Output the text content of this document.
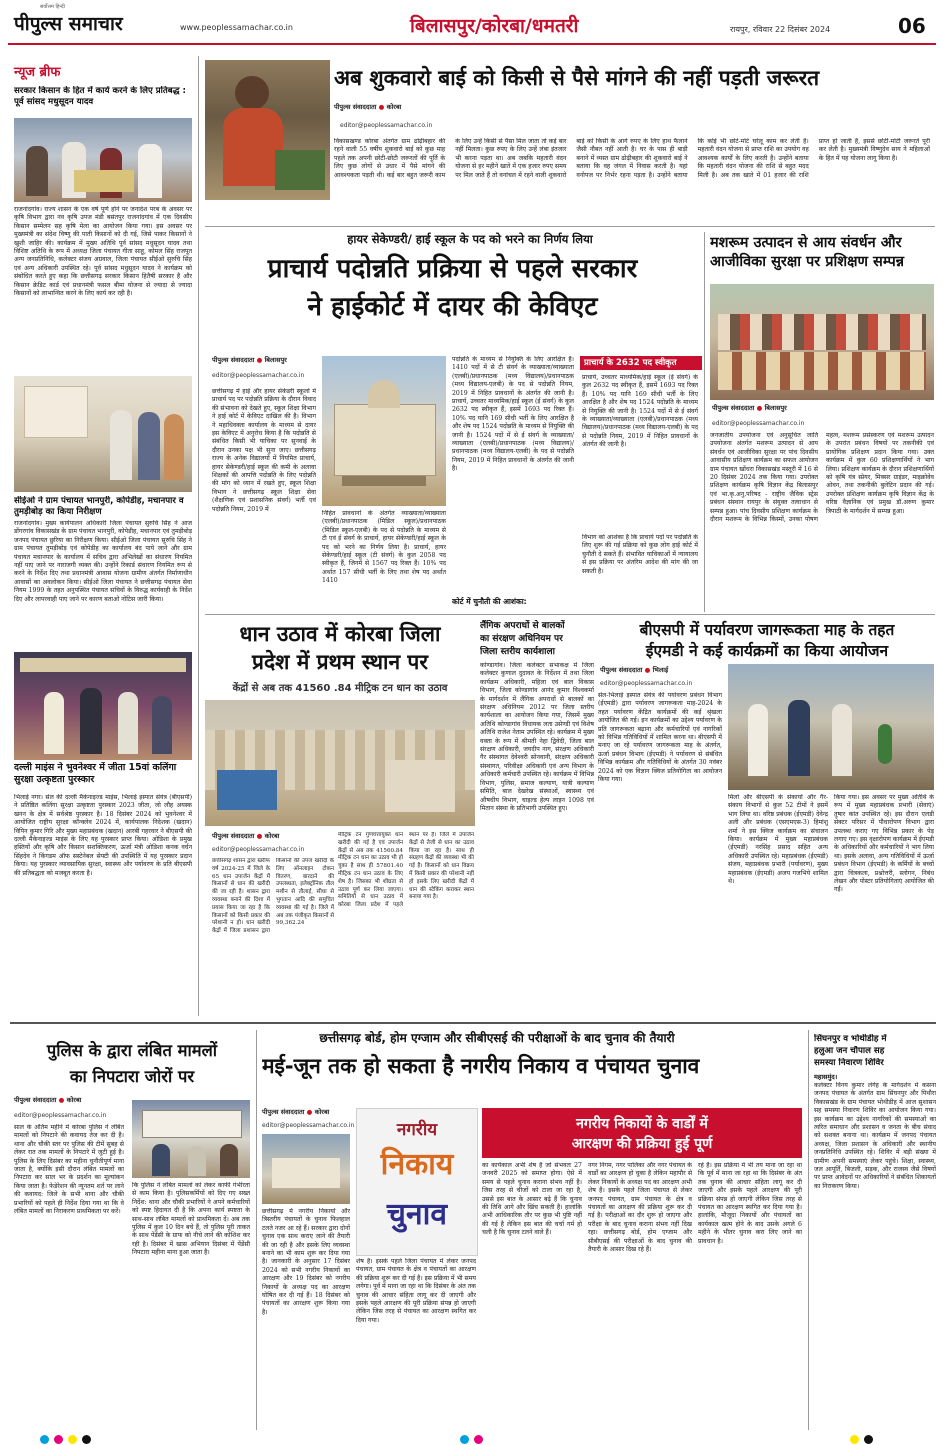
सर्वोत्तम हिन्दी
पीपुल्स समाचार	www.peoplessamachar.co.in	बिलासपुर/कोरबा/धमतरी	रायपुर, रविवार 22 दिसंबर 2024	06
न्यूज ब्रीफ
सरकार किसान के हित में कार्य करने के लिए प्रतिबद्ध : पूर्व सांसद मधुसूदन यादव
राजनांदगांव। राज्य शासन के एक वर्ष पूर्ण होने पर जनादेश परब के अवसर पर कृषि विभाग द्वारा नव कृषि उपज मंडी बसंतपुर राजनांदगांव में एक दिवसीय किसान सम्मेलन सह कृषि मेला का आयोजन किया गया। इस अवसर पर मुख्यमंत्री का संदेश विष्णु की पाती किसानों को दी गई, जिसे पाकर किसानों ने खुशी जाहिर की। कार्यक्रम में मुख्य अतिथि पूर्व सांसद मधुसूदन यादव तथा विशिष्ट अतिथि के रूप में अध्यक्ष जिला पंचायत गीता साहू, कोमल सिंह राजपूत अन्य जनप्रतिनिधि, कलेक्टर संजय अग्रवाल, जिला पंचायत सीईओ सुरुचि सिंह एवं अन्य अधिकारी उपस्थित रहे। पूर्व सांसद मधुसूदन यादव ने कार्यक्रम को संबोधित करते हुए कहा कि छत्तीसगढ़ सरकार किसान हितैषी सरकार है और किसान क्रेडिट कार्ड एवं प्रधानमंत्री फसल बीमा योजना से ज्यादा से ज्यादा किसानों को लाभान्वित करने के लिए कार्य कर रही है।
सीईओ ने ग्राम पंचायत भानपुरी, कोपेडीह, मचानपार व तुमड़ीबोड़ का किया निरीक्षण
राजनांदगांव। मुख्य कार्यपालन अधिकारी जिला पंचायत सुरुचि सिंह ने आज डोंगरगांव विकासखंड के ग्राम पंचायत भानपुरी, कोपेडीह, मचानपार एवं तुमड़ीबोड़ जनपद पंचायत छुरिया का निरीक्षण किया। सीईओ जिला पंचायत सुरुचि सिंह ने ग्राम पंचायत तुमड़ीबोड़ एवं कोपेडीह का कार्यालय बंद पाये जाने और ग्राम पंचायत मचानपार के कार्यालय में सचिव द्वारा अभिलेखों का संधारण नियमित नहीं पाए जाने पर नाराजगी व्यक्त की। उन्होंने रिकार्ड संधारण नियमित रूप से करने के निर्देश दिए तथा प्रधानमंत्री आवास योजना ग्रामीण अंतर्गत निर्माणाधीन आवासों का अवलोकन किया। सीईओ जिला पंचायत ने छत्तीसगढ़ पंचायत सेवा नियम 1999 के तहत अनुपस्थित पंचायत सचिवों के विरुद्ध कार्यवाही के निर्देश दिए और लापरवाही पाए जाने पर कारण बताओ नोटिस जारी किया।
दल्ली माइंस ने भुवनेश्वर में जीता 15वां कलिंगा सुरक्षा उत्कृष्टता पुरस्कार
भिलाई नगर। सेल की दल्ली मैकेनाइज्ड माइंस, भिलाई इस्पात संयंत्र (बीएसपी) ने प्रतिष्ठित कलिंगा सुरक्षा उत्कृष्टता पुरस्कार 2023 जीता, जो लौह अयस्क खनन के क्षेत्र में सर्वश्रेष्ठ पुरस्कार है। 18 दिसंबर 2024 को भुवनेश्वर में आयोजित राष्ट्रीय सुरक्षा कॉन्क्लेव 2024 में, कार्यपालक निदेशक (खदान) विपिन कुमार गिरि और मुख्य महाप्रबंधक (खदान) आरबी गहरवार ने बीएसपी की दल्ली मैकेनाइज्ड माइंस के लिए यह पुरस्कार प्राप्त किया। ओडिशा के प्रमुख हस्तियों और कृषि और किसान सशक्तिकरण, ऊर्जा मंत्री ओडिशा कनक वर्धन सिंहदेव ने किंगडम ऑफ सस्टेनेबल सेफ्टी की उपस्थिति में यह पुरस्कार प्रदान किया। यह पुरस्कार व्यावसायिक सुरक्षा, स्वास्थ्य और पर्यावरण के प्रति बीएसपी की प्रतिबद्धता को मजबूत करता है।
अब शुकवारो बाई को किसी से पैसे मांगने की नहीं पड़ती जरूरत
पीपुल्स संवाददाता ● कोरबा
editor@peoplessamachar.co.in
विकासखण्ड कोरबा अंतर्गत ग्राम ढोढ़ीबहार की रहने वाली 55 वर्षीय शुकवारो बाई को कुछ माह पहले तक अपनी छोटी-छोटी जरूरतों की पूर्ति के लिए कुछ लोगों से उधार में पैसे मांगने की आवश्यकता पड़ती थी। कई बार बहुत जरूरी काम के लिए उन्हें किसी से पैसा मिल जाता तो कई बार नहीं मिलता। कुछ रुपए के लिए उन्हें लंबा इंतजार भी करना पड़ता था। अब जबकि महतारी वंदन योजना से हर महीने खाते में एक हजार रुपए समय पर मिल जाते हैं तो वनांचल में रहने वाली शुकवारो बाई को किसी के आगे रुपए के लिए हाथ फैलाने जैसी नौबत नहीं आती है। घर के पास ही बाड़ी बनाने में व्यस्त ग्राम ढोढ़ीबहार की शुकवारो बाई ने बताया कि वह जंगल में निवास करती है। यहां वनोपज पर निर्भर रहना पड़ता है। उन्होंने बताया कि कोई भी छोटे-मोटे घरेलू काम कर लेती है। महतारी वंदन योजना से प्राप्त राशि का उपयोग वह आवश्यक कार्यों के लिए करती है। उन्होंने बताया कि महतारी वंदन योजना की राशि से बहुत मदद मिली है। अब तक खाते में 01 हजार की राशि प्राप्त हो जाती है, इससे छोटी-मोटी जरूरतें पूरी कर लेती है। मुख्यमंत्री विष्णुदेव साय ने महिलाओं के हित में यह योजना लागू किया है।
हायर सेकेण्डरी/ हाई स्कूल के पद को भरने का निर्णय लिया
प्राचार्य पदोन्नति प्रक्रिया से पहले सरकार
ने हाईकोर्ट में दायर की केविएट
पीपुल्स संवाददाता ● बिलासपुर
editor@peoplessamachar.co.in
छत्तीसगढ़ में हाई और हायर सेकेंडरी स्कूलों में प्राचार्य पद पर पदोन्नति प्रक्रिया के दौरान विवाद की संभावना को देखते हुए, स्कूल शिक्षा विभाग ने हाई कोर्ट में केविएट दाखिल की है। विभाग ने महाधिवक्ता कार्यालय के माध्यम से दायर इस केविएट में अनुरोध किया है कि पदोन्नति से संबंधित किसी भी याचिका पर सुनवाई के दौरान उनका पक्ष भी सुना जाए। छत्तीसगढ़ राज्य के अनेक विद्यालयों में नियमित प्राचार्य, हायर सेकेण्डरी/हाई स्कूल की कमी के अलावा शिक्षकों की आपत्ति पदोन्नति के लिए पदोन्नति की मांग को ध्यान में रखते हुए, स्कूल शिक्षा विभाग ने छत्तीसगढ़ स्कूल शिक्षा सेवा (शैक्षणिक एवं प्रशासनिक संवर्ग) भर्ती एवं पदोन्नति नियम, 2019 में
निहित प्रावधानों के अंतर्गत व्याख्याता/व्याख्याता (एलबी)/प्रधानपाठक (मिडिल स्कूल)/प्रधानपाठक (मिडिल स्कूल-एलबी) के पद से पदोन्नति के माध्यम से टी एवं ई संवर्ग के प्राचार्य, हायर सेकेण्डरी/हाई स्कूल के पद को भरने का निर्णय लिया है। प्राचार्य, हायर सेकेण्डरी/हाई स्कूल (टी संवर्ग) के कुल 2058 पद स्वीकृत हैं, जिनमें से 1567 पद रिक्त हैं। 10% पद अर्थात 157 सीधी भर्ती के लिए तथा शेष पद अर्थात 1410
पदोन्नति के माध्यम से नियुक्ति के लिए आरक्षित हैं। 1410 पदों में से टी संवर्ग के व्याख्याता/व्याख्याता (एलबी)/प्रधानपाठक (मध्य विद्यालय)/प्रधानपाठक (मध्य विद्यालय-एलबी) के पद से पदोन्नति नियम, 2019 में निहित प्रावधानों के अंतर्गत की जानी है। प्राचार्य, उच्चतर माध्यमिक/हाई स्कूल (ई संवर्ग) के कुल 2632 पद स्वीकृत हैं, इसमें 1693 पद रिक्त हैं। 10% पद यानि 169 सीधी भर्ती के लिए आरक्षित है और शेष पद 1524 पदोन्नति के माध्यम से नियुक्ति की जानी है। 1524 पदों में से ई संवर्ग के व्याख्याता/व्याख्याता (एलबी)/प्रधानपाठक (मध्य विद्यालय)/प्रधानपाठक (मध्य विद्यालय-एलबी) के पद से पदोन्नति नियम, 2019 में निहित प्रावधानों के अंतर्गत की जानी है।
कोर्ट में चुनौती की आशंका:
प्राचार्य के 2632 पद स्वीकृत
प्राचार्य, उच्चतर माध्यमिक/हाई स्कूल (ई संवर्ग) के कुल 2632 पद स्वीकृत हैं, इसमें 1693 पद रिक्त हैं। 10% पद यानि 169 सीधी भर्ती के लिए आरक्षित है और शेष पद 1524 पदोन्नति के माध्यम से नियुक्ति की जानी है। 1524 पदों में से ई संवर्ग के व्याख्याता/व्याख्याता (एलबी)/प्रधानपाठक (मध्य विद्यालय)/प्रधानपाठक (मध्य विद्यालय-एलबी) के पद से पदोन्नति नियम, 2019 में निहित प्रावधानों के अंतर्गत की जानी है।
विभाग को आशंका है कि प्राचार्य पदों पर पदोन्नति के लिए शुरू की गई प्रक्रिया को कुछ लोग हाई कोर्ट में चुनौती दे सकते हैं। संभावित याचिकाओं में न्यायालय से इस प्रक्रिया पर अंतरिम आदेश की मांग की जा सकती है।
मशरूम उत्पादन से आय संवर्धन और आजीविका सुरक्षा पर प्रशिक्षण सम्पन्न
पीपुल्स संवाददाता ● बिलासपुर
editor@peoplessamachar.co.in
जनजातीय उपयोजना एवं अनुसूचित जाति उपयोजना अंतर्गत मशरूम उत्पादन से आय संवर्धन एवं आजीविका सुरक्षा पर पांच दिवसीय आवासीय प्रशिक्षण कार्यक्रम का सफल आयोजन ग्राम पंचायत खोंधरा विकासखंड मस्तूरी में 16 से 20 दिसंबर 2024 तक किया गया। उपरोक्त प्रशिक्षण कार्यक्रम कृषि विज्ञान केंद्र बिलासपुर एवं भा.कृ.अनु.परिषद - राष्ट्रीय जैविक स्ट्रेस प्रबंधन संस्थान रायपुर के संयुक्त तत्वाधान से सम्पन्न हुआ। पांच दिवसीय प्रशिक्षण कार्यक्रम के दौरान मशरूम के विभिन्न किस्मों, उनका पोषण महत्व, मशरूम प्रसंस्करण एवं मशरूम उत्पादन के उपरांत प्रबंधन विषयों पर तकनीकी एवं प्रायोगिक प्रशिक्षण प्रदान किया गया। उक्त कार्यक्रम में कुल 60 प्रशिक्षणार्थियों ने भाग लिया। प्रशिक्षण कार्यक्रम के दौरान प्रशिक्षणार्थियों को कृषि यंत्र स्प्रेयर, मिक्सर ग्राइंडर, माइक्रोवेव ओवन, तथा तकनीकी बुलेटिन प्रदान की गई। उपरोक्त प्रशिक्षण कार्यक्रम कृषि विज्ञान केंद्र के वरिष्ठ वैज्ञानिक एवं प्रमुख डॉ.अरुण कुमार त्रिपाठी के मार्गदर्शन में सम्पन्न हुआ।
धान उठाव में कोरबा जिला
प्रदेश में प्रथम स्थान पर
केंद्रों से अब तक 41560 .84 मीट्रिक टन धान का उठाव
पीपुल्स संवाददाता ● कोरबा
editor@peoplessamachar.co.in
छत्तीसगढ़ शासन द्वारा खरीफ वर्ष 2024-25 में जिले के 65 धान उपार्जन केंद्रों में किसानों से धान की खरीदी की जा रही है। शासन द्वारा व्यवस्था बनाने की दिशा में प्रयास किया जा रहा है कि किसानों को किसी प्रकार की परेशानी न हो। धान खरीदी केंद्रों में जिला प्रशासन द्वारा किसानों की उपज खरीदी के लिए ऑनलाइन टोकन वितरण, बारदाने की उपलब्धता, इलेक्ट्रॉनिक तौल मशीन से तौलाई, सीधा से भुगतान आदि की समुचित व्यवस्था की गई है। जिले में अब तक पंजीकृत किसानों से 99,362.24
मीट्रिक टन गुणवत्तायुक्त धान खरीदी की गई है एवं उपार्जन केंद्रों से अब तक 41560.84 मीट्रिक टन धान का उठाव भी हो चुका है साथ ही 57801.40 मीट्रिक टन धान उठाव के लिए शेष है। जिसका भी शीघ्रता से उठाव पूर्ण कर लिया जाएगा। समितियों से धान उठाव में कोरबा जिला प्रदेश में पहले स्थान पर है। जिले में उपार्जन केंद्रों से तेजी से धान का उठाव किया जा रहा है। साथ ही संग्रहण केंद्रों की व्यवस्था भी की गई है। किसानों को धान विक्रय में किसी प्रकार की परेशानी नहीं हो इसके लिए खरीदी केंद्रों में धान की स्टेकिंग कराकर स्थान बनाया गया है।
लैंगिक अपराधों से बालकों
का संरक्षण अधिनियम पर
जिला स्तरीय कार्यशाला
कोण्डागांव। जिला कलेक्टर सभाकक्ष में जिला कलेक्टर कुणाल दुदावत के निर्देशन में तथा जिला कार्यक्रम अधिकारी, महिला एवं बाल विकास विभाग, जिला कोण्डागांव आनंद कुमार विश्वकर्मा के मार्गदर्शन में लैंगिक अपराधों से बालकों का संरक्षण अधिनियम 2012 पर जिला स्तरीय कार्यशाला का आयोजन किया गया, जिसमें मुख्य अतिथि कोण्डागांव विधायक लता उसेण्डी एवं विशेष अतिथि राजेश नेताम उपस्थित रहे। कार्यक्रम में मुख्य वक्ता के रूप में श्रीमती नेहा द्विवेदी, जिला बाल संरक्षण अधिकारी, जयदीप नाग, संरक्षण अधिकारी गैर संस्थागत देवेश्वरी सोनवानी, संरक्षण अधिकारी संस्थागत, परिवीक्षा अधिकारी एवं अन्य विभाग के अधिकारी कर्मचारी उपस्थित रहे। कार्यक्रम में विभिन्न विभाग, पुलिस, समाज कल्याण, यात्री कल्याण समिति, बाल देखरेख संस्थाओं, स्वास्थ्य एवं औषधीय विभाग, चाइल्ड हेल्प लाइन 1098 एवं मितान संस्था के प्रतिभागी उपस्थित हुए।
बीएसपी में पर्यावरण जागरूकता माह के तहत
ईएमडी ने कई कार्यक्रमों का किया आयोजन
पीपुल्स संवाददाता ● भिलाई
editor@peoplessamachar.co.in
सेल-भिलाई इस्पात संयंत्र की पर्यावरण प्रबंधन विभाग (ईएमडी) द्वारा पर्यावरण जागरूकता माह-2024 के तहत पर्यावरण केंद्रित कार्यक्रमों की कई श्रृंखला आयोजित की गई। इन कार्यक्रमों का उद्देश्य पर्यावरण के प्रति जागरूकता बढ़ाना और कर्मचारियों एवं नागरिकों को विभिन्न गतिविधियों में शामिल करना था। बीएसपी में मनाए जा रहे पर्यावरण जागरूकता माह के अंतर्गत, ऊर्जा प्रबंधन विभाग (ईएमडी) ने पर्यावरण से संबंधित विभिन्न कार्यक्रम और गतिविधियों के अंतर्गत 30 नवंबर 2024 को एक विज्ञान क्विज प्रतियोगिता का आयोजन किया गया।
मिलो और बीएसपी के संकायों और गैर-संकाय विभागों से कुल 52 टीमों ने इसमें भाग लिया था। वरिष्ठ प्रबंधक (ईएमडी) देवेन्द्र अली और प्रबंधक (एसएमएस-3) हिमांशु शर्मा ने इस क्विज कार्यक्रम का संचालन किया। कार्यक्रम में मुख्य महाप्रबंधक (ईएमडी) नरसिंह प्रसाद सहित अन्य अधिकारी उपस्थित रहे। महाप्रबंधक (ईएमडी) संजय, महाप्रबंधक प्रभारी (पर्यावरण), मुख्य महाप्रबंधक (ईएमडी) अजय गजभिये शामिल थे।
किया गया। इस अवसर पर मुख्य अतिथि के रूप में मुख्य महाप्रबंधक प्रभारी (सेवाएं) तुषार कांत उपस्थित रहे। इस दौरान एलडी सेक्टर परिसर में पौधारोपण विभाग द्वारा उपलब्ध कराए गए विभिन्न प्रकार के पेड़ लगाए गए। इस वृक्षारोपण कार्यक्रम में ईएमडी के अधिकारियों और कर्मचारियों ने भाग लिया था। इसके अलावा, अन्य गतिविधियों में ऊर्जा प्रबंधन विभाग (ईएमडी) के कर्मियों के बच्चों द्वारा चित्रकला, प्रश्नोत्तरी, स्लोगन, निबंध लेखन और पोस्टर प्रतियोगिताएं आयोजित की गईं।
पुलिस के द्वारा लंबित मामलों
का निपटारा जोरों पर
पीपुल्स संवाददाता ● कोरबा
editor@peoplessamachar.co.in
साल के अंतिम महीने में कोरबा पुलिस ने लंबित मामलों को निपटाने की कवायद तेज कर दी है। थाना और चौकी स्तर पर पुलिस की टीमें सुबह से लेकर रात तक मामलों के निपटारे में जुटी हुई है। पुलिस के लिए दिसंबर का महीना चुनौतीपूर्ण माना जाता है, क्योंकि इसी दौरान लंबित मामलों का निपटारा कर साल भर के प्रदर्शन का मूल्यांकन किया जाता है। फेडेरेशन की न्यूनतम शर्त पर लाने की कवायद: जिले के सभी थाना और चौकी प्रभारियों को पहले ही निर्देश दिया गया था कि वे लंबित मामलों का निराकरण प्राथमिकता पर करें।
कि पुलिस ने लंबित मामलों को लेकर काफी गंभीरता से काम किया है। पुलिसकर्मियों को दिए गए सख्त निर्देश: थाना और चौकी प्रभारियों ने अपने कर्मचारियों को स्पष्ट हिदायत दी है कि अपना कार्य स्पष्टता के साथ-साथ लंबित मामलों को प्राथमिकता दें। अब तक पुलिस में कुल 10 दिन बचे हैं, तो पुलिस पूरी ताकत के साथ पेंडेंसी के ग्राफ को नीचे लाने की कोशिश कर रही है। दिसंबर में खास अभियान दिसंबर में पेंडेंसी निपटारा महीना माना हुआ जाता है।
छत्तीसगढ़ बोर्ड, होम एग्जाम और सीबीएसई की परीक्षाओं के बाद चुनाव की तैयारी
मई-जून तक हो सकता है नगरीय निकाय व पंचायत चुनाव
पीपुल्स संवाददाता ● कोरबा
editor@peoplessamachar.co.in
छत्तीसगढ़ में नगरीय निकायों और त्रिस्तरीय पंचायतों के चुनाव फिलहाल टलते नजर आ रहे हैं। सरकार द्वारा दोनों चुनाव एक साथ कराए जाने की तैयारी की जा रही है और इसके लिए व्यवस्था बनाने का भी काम शुरू कर दिया गया है। जानकारी के अनुसार 17 दिसंबर 2024 को सभी नगरीय निकायों का आरक्षण और 19 दिसंबर को नगरीय निकायों के अध्यक्ष पद का आरक्षण घोषित कर दी गई हैं। 18 दिसंबर को पंचायतों का आरक्षण शुरू किया गया है।
नगरीय
निकाय
चुनाव
शेष है। इसके पहले जिला पंचायत में लेकर जनपद पंचायत, ग्राम पंचायत के क्षेत्र व पंचायतों का आरक्षण की प्रक्रिया शुरू कर दी गई है। इस प्रक्रिया में भी समय लगेगा। पूर्व में माना जा रहा था कि दिसंबर के अंत तक चुनाव की आचार संहिता लागू कर दी जाएगी और इसके पहले आरक्षण की पूरी प्रक्रिया संपन्न हो जाएगी लेकिन जिस तरह से पंचायत का आरक्षण स्थगित कर दिया गया।
नगरीय निकायों के वार्डों में
आरक्षण की प्रक्रिया हुई पूर्ण
का कार्यकाल अभी शेष है जो संभवतः 27 जनवरी 2025 को समाप्त होगा। ऐसे में समय से पहले चुनाव कराना संभव नहीं है। जिस तरह से चीजों को टाला जा रहा है, उससे इस बात के आसार बढ़े हैं कि चुनाव की तिथि आगे और खिंच सकती है। हालांकि अभी आधिकारिक तौर पर कुछ भी पुष्टि नहीं की गई है लेकिन इस बात की चर्चा गर्म हो चली है कि चुनाव टलने वाले हैं।
नगर निगम, नगर पालिका और नगर पंचायत के वार्डों का आरक्षण हो चुका है लेकिन महापौर से लेकर निकायों के अध्यक्ष पद का आरक्षण अभी शेष है। इसके पहले जिला पंचायत से लेकर जनपद पंचायत, ग्राम पंचायत के क्षेत्र व पंचायतों का आरक्षण की प्रक्रिया शुरू कर दी गई है। परीक्षाओं का दौर शुरू हो जाएगा और परीक्षा के बाद चुनाव कराना संभव नहीं दिख रहा। छत्तीसगढ़ बोर्ड, होम एग्जाम और सीबीएसई की परीक्षाओं के बाद चुनाव की तैयारी के आसार दिख रहे हैं।
रहे हैं। इस प्रक्रिया में भी तय माना जा रहा था कि पूर्व में माना जा रहा था कि दिसंबर के अंत तक चुनाव की आचार संहिता लागू कर दी जाएगी और इसके पहले आरक्षण की पूरी प्रक्रिया संपन्न हो जाएगी लेकिन जिस तरह से पंचायत का आरक्षण स्थगित कर दिया गया है। हालांकि, मौजूदा निकायों और पंचायतों का कार्यकाल खत्म होने के बाद उसके अगले 6 महीने के भीतर चुनाव करा लिए जाने का प्रावधान है।
सिंघनपुर व भोथीडीह में
हलुआ जन चौपाल सह
समस्या निवारण शिविर
महासमुंद।
कलेक्टर विनय कुमार लंगेह के मार्गदर्शन में कसना जनपद पंचायत के अंतर्गत ग्राम सिंघनपुर और पिथौरा विकासखंड के ग्राम पंचायत भोथीडीह में आज सुशासन सह समस्या निवारण शिविर का आयोजन किया गया। इस कार्यक्रम का उद्देश्य नागरिकों की समस्याओं का त्वरित समाधान और प्रशासन व जनता के बीच संवाद को सशक्त बनाना था। कार्यक्रम में जनपद पंचायत अध्यक्ष, जिला प्रशासन के अधिकारी और स्थानीय जनप्रतिनिधि उपस्थित रहे। शिविर में बड़ी संख्या में ग्रामीण अपनी समस्याएं लेकर पहुंचे। शिक्षा, स्वास्थ्य, जल आपूर्ति, बिजली, सड़क, और राजस्व जैसे विषयों पर प्राप्त आवेदनों पर अधिकारियों ने संबंधित शिकायतों का निराकरण किया।
